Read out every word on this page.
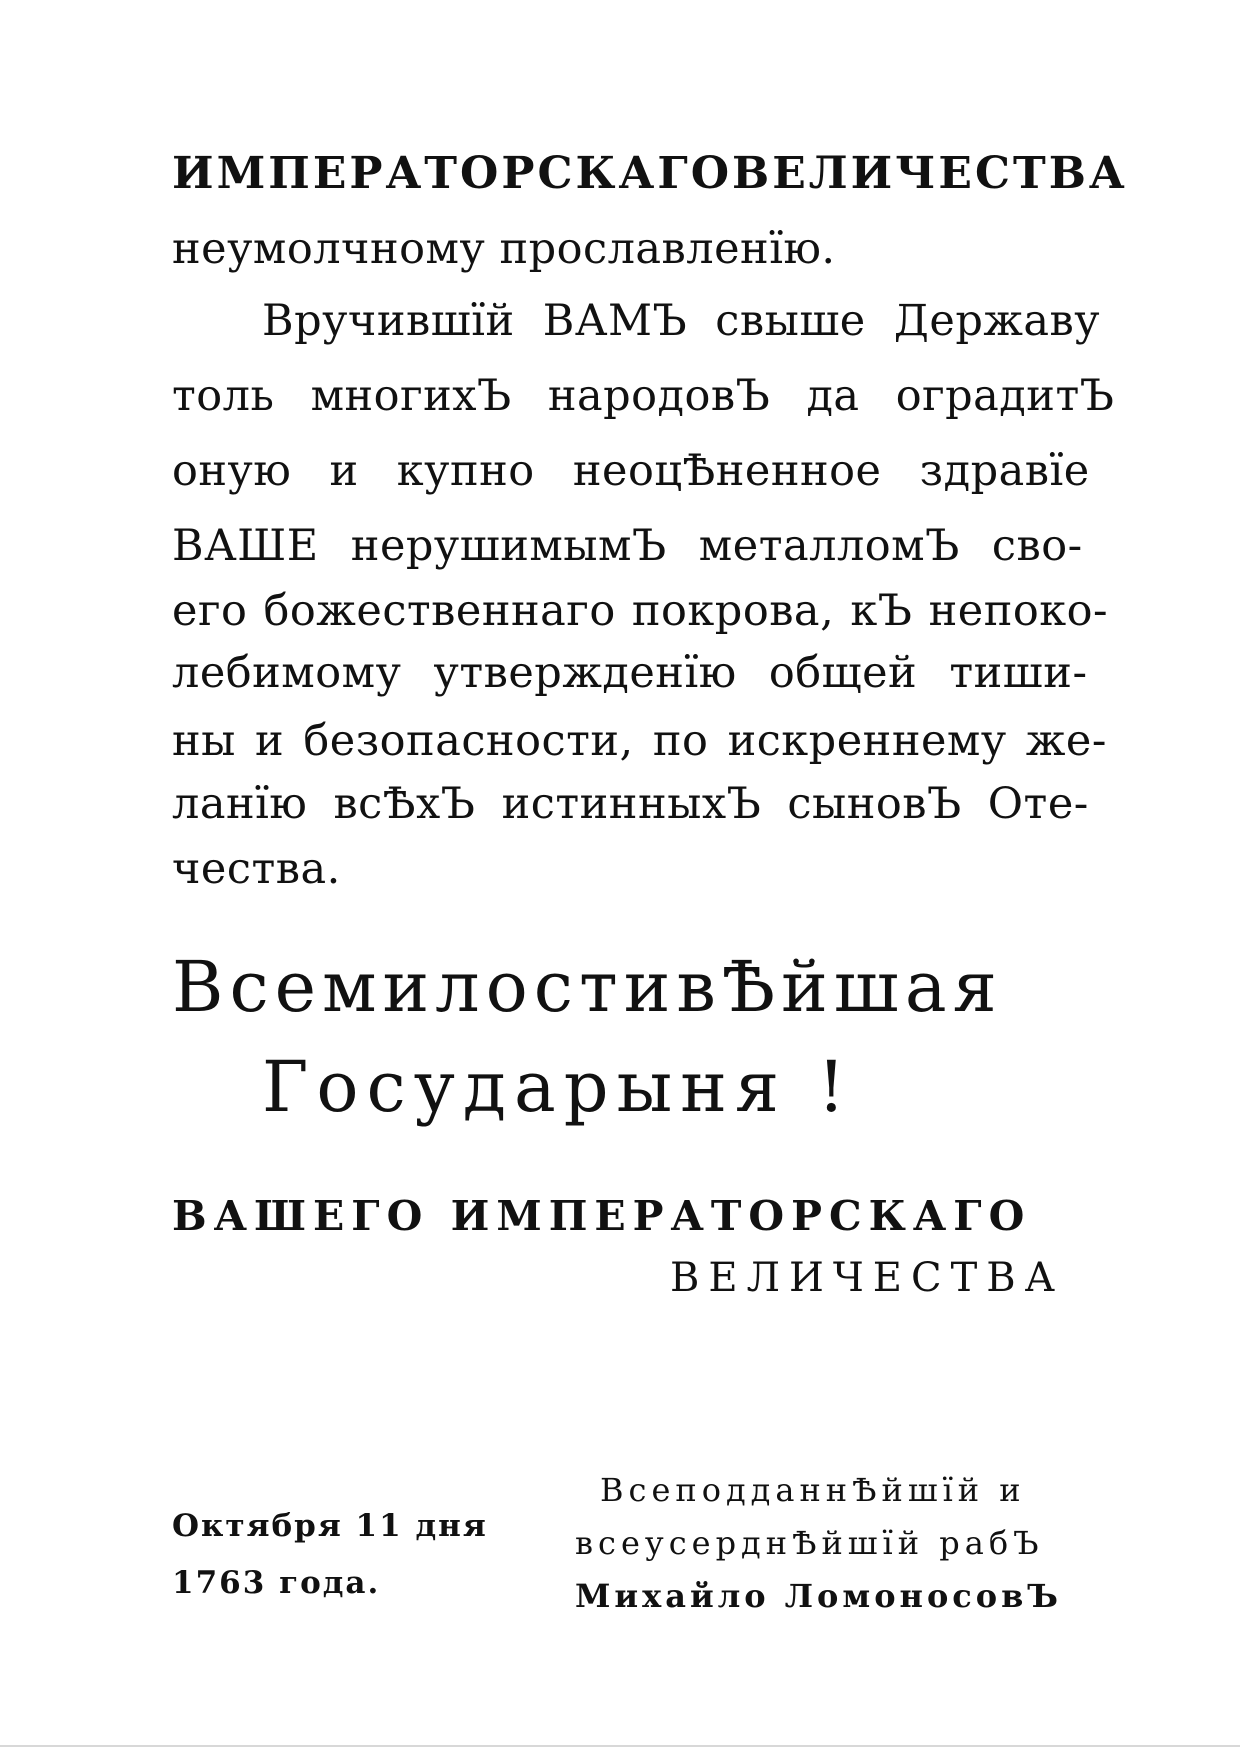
ИМПЕРАТОРСКАГО ВЕЛИЧЕСТВА
неумолчному прославленїю.
Вручившїй ВАМЪ свыше Державу
толь многихЪ народовЪ да оградитЪ
оную и купно неоцѢненное здравїе
ВАШЕ нерушимымЪ металломЪ сво-
его божественнаго покрова, кЪ непоко-
лебимому утвержденїю общей тиши-
ны и безопасности, по искреннему же-
ланїю всѢхЪ истинныхЪ сыновЪ Оте-
чества.
ВсемилостивѢйшая
Государыня !
ВАШЕГО ИМПЕРАТОРСКАГО
ВЕЛИЧЕСТВА
Октября 11 дня
1763 года.
ВсеподданнѢйшїй и
всеусерднѢйшїй рабЪ
Михайло ЛомоносовЪ
